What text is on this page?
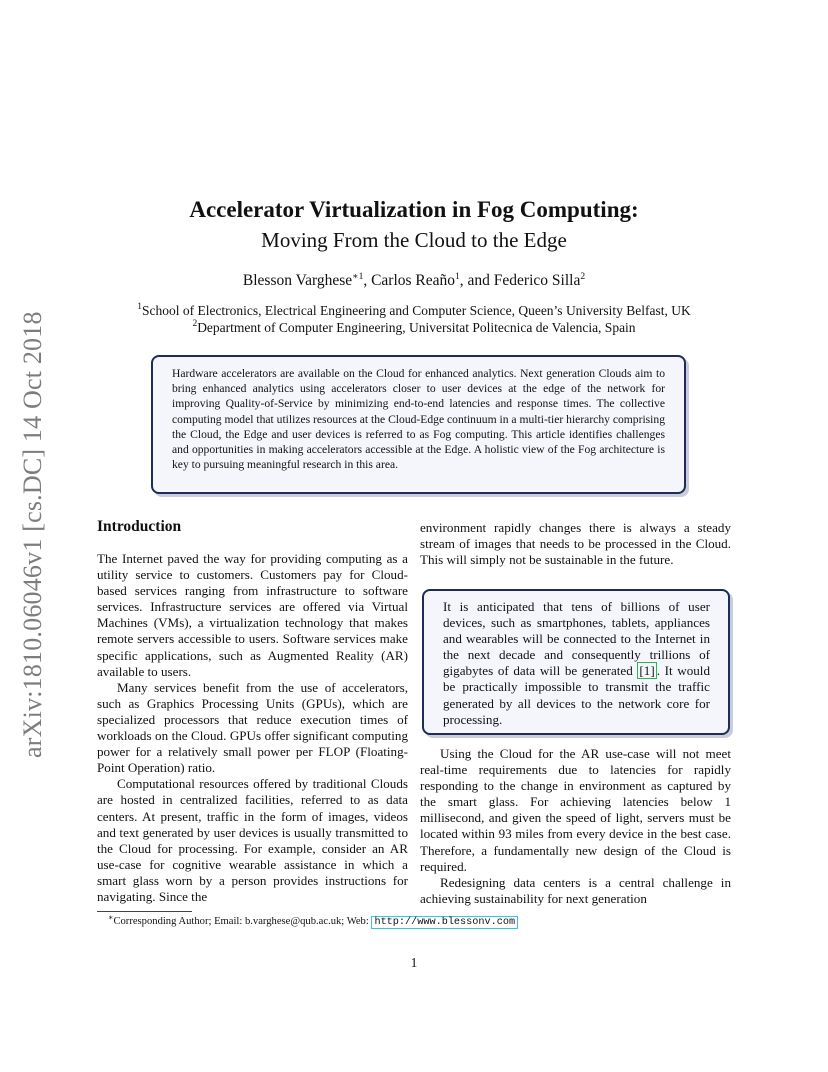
arXiv:1810.06046v1 [cs.DC] 14 Oct 2018
Accelerator Virtualization in Fog Computing:
Moving From the Cloud to the Edge
Blesson Varghese$^{∗1}$, Carlos Reaño$^1$, and Federico Silla$^2$
$^1$School of Electronics, Electrical Engineering and Computer Science, Queen’s University Belfast, UK
$^2$Department of Computer Engineering, Universitat Politecnica de Valencia, Spain
Hardware accelerators are available on the Cloud for enhanced analytics. Next generation Clouds aim to bring enhanced analytics using accelerators closer to user devices at the edge of the network for improving Quality-of-Service by minimizing end-to-end latencies and response times. The collective computing model that utilizes resources at the Cloud-Edge continuum in a multi-tier hierarchy comprising the Cloud, the Edge and user devices is referred to as Fog computing. This article identifies challenges and opportunities in making accelerators accessible at the Edge. A holistic view of the Fog architecture is key to pursuing meaningful research in this area.
Introduction

The Internet paved the way for providing computing as a utility service to customers. Customers pay for Cloud-based services ranging from infrastructure to software services. Infrastructure services are offered via Virtual Machines (VMs), a virtualization technology that makes remote servers accessible to users. Software services make specific applications, such as Augmented Reality (AR) available to users.

Many services benefit from the use of accelerators, such as Graphics Processing Units (GPUs), which are specialized processors that reduce execution times of workloads on the Cloud. GPUs offer significant computing power for a relatively small power per FLOP (Floating-Point Operation) ratio.

Computational resources offered by traditional Clouds are hosted in centralized facilities, referred to as data centers. At present, traffic in the form of images, videos and text generated by user devices is usually transmitted to the Cloud for processing. For example, consider an AR use-case for cognitive wearable assistance in which a smart glass worn by a person provides instructions for navigating. Since the

environment rapidly changes there is always a steady stream of images that needs to be processed in the Cloud. This will simply not be sustainable in the future.

It is anticipated that tens of billions of user devices, such as smartphones, tablets, appliances and wearables will be connected to the Internet in the next decade and consequently trillions of gigabytes of data will be generated [1] . It would be practically impossible to transmit the traffic generated by all devices to the network core for processing.

Using the Cloud for the AR use-case will not meet real-time requirements due to latencies for rapidly responding to the change in environment as captured by the smart glass. For achieving latencies below 1 millisecond, and given the speed of light, servers must be located within 93 miles from every device in the best case. Therefore, a fundamentally new design of the Cloud is required.

Redesigning data centers is a central challenge in achieving sustainability for next generation

∗Corresponding Author; Email: b.varghese@qub.ac.uk; Web: http://www.blessonv.com
1
